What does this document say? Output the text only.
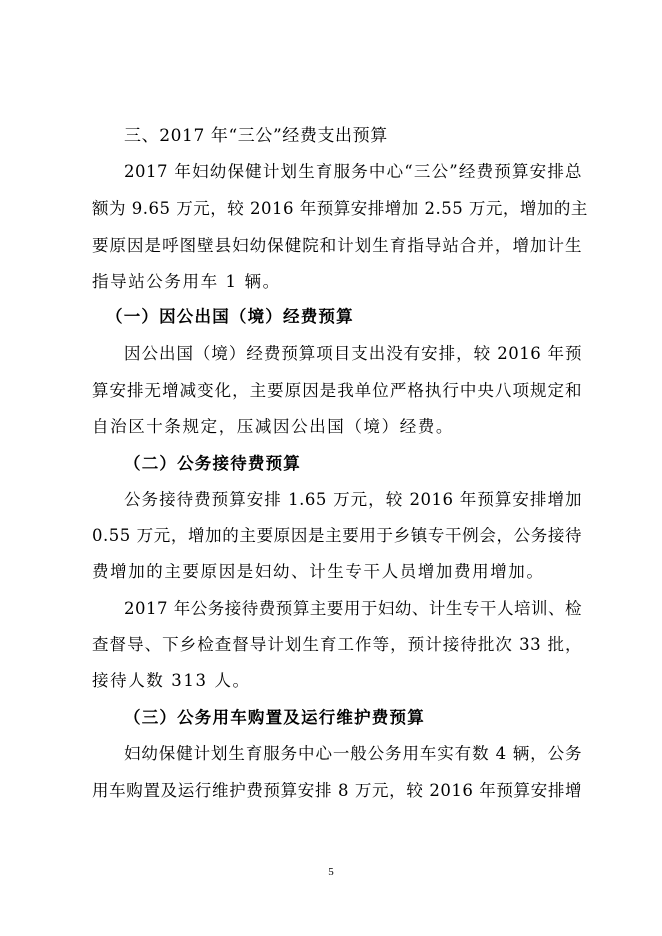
三、2017 年“三公”经费支出预算
2017 年妇幼保健计划生育服务中心“三公”经费预算安排总
额为 9.65 万元，较 2016 年预算安排增加 2.55 万元，增加的主
要原因是呼图壁县妇幼保健院和计划生育指导站合并，增加计生
指导站公务用车 1 辆。
（一）因公出国（境）经费预算
因公出国（境）经费预算项目支出没有安排，较 2016 年预
算安排无增减变化，主要原因是我单位严格执行中央八项规定和
自治区十条规定，压减因公出国（境）经费。
（二）公务接待费预算
公务接待费预算安排 1.65 万元，较 2016 年预算安排增加
0.55 万元，增加的主要原因是主要用于乡镇专干例会，公务接待
费增加的主要原因是妇幼、计生专干人员增加费用增加。
2017 年公务接待费预算主要用于妇幼、计生专干人培训、检
查督导、下乡检查督导计划生育工作等，预计接待批次 33 批，
接待人数 313 人。
（三）公务用车购置及运行维护费预算
妇幼保健计划生育服务中心一般公务用车实有数 4 辆，公务
用车购置及运行维护费预算安排 8 万元，较 2016 年预算安排增
5
